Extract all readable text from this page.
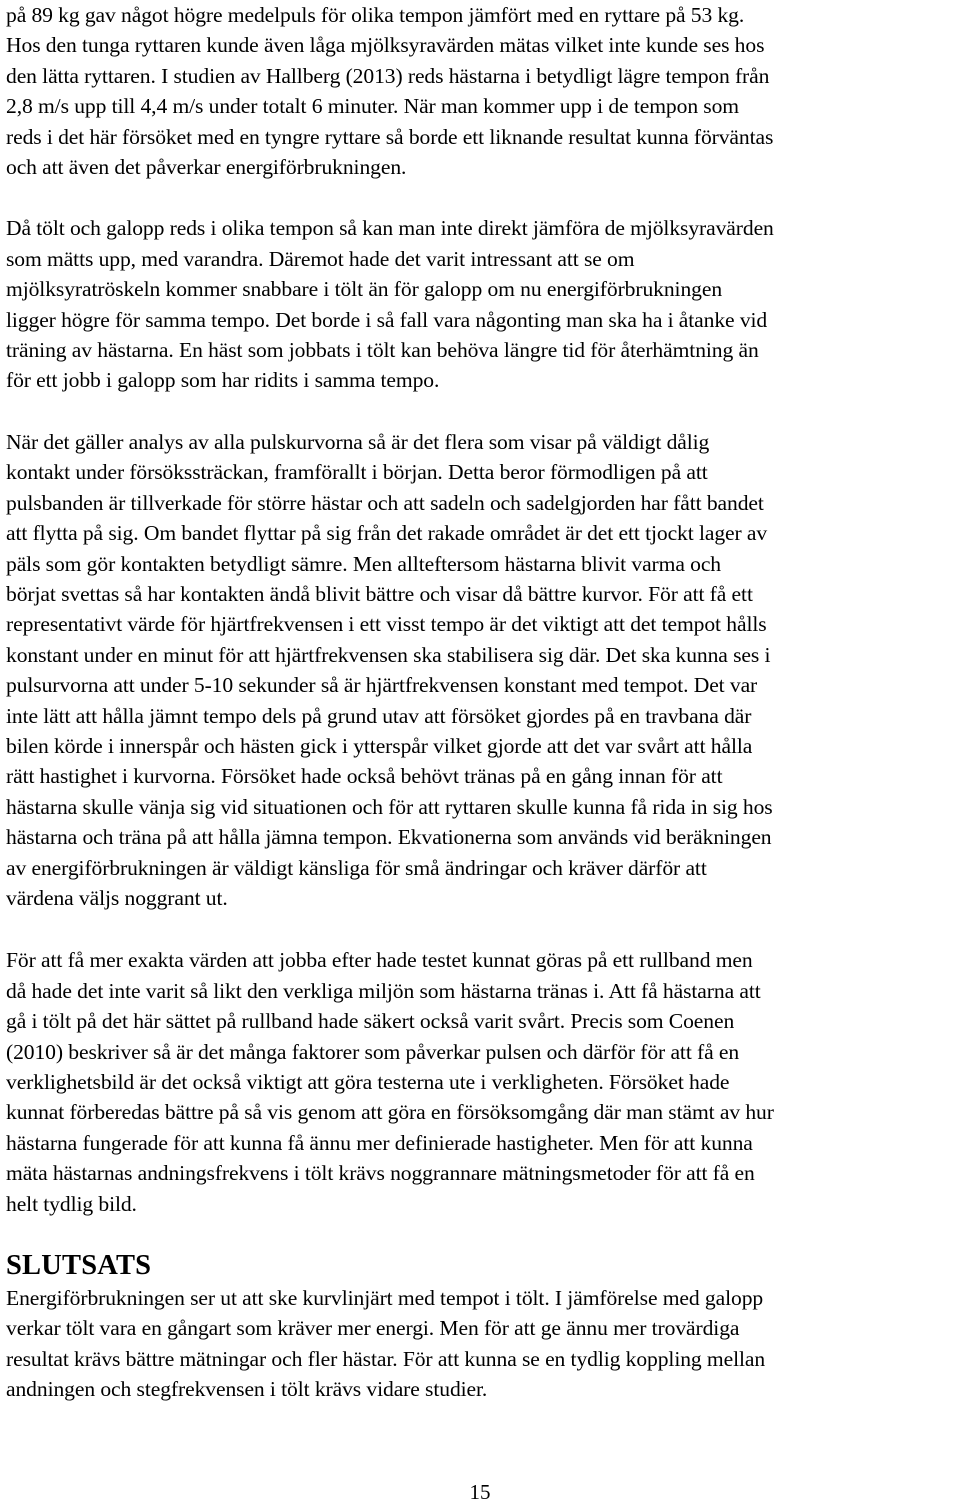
på 89 kg gav något högre medelpuls för olika tempon jämfört med en ryttare på 53 kg.
Hos den tunga ryttaren kunde även låga mjölksyravärden mätas vilket inte kunde ses hos
den lätta ryttaren. I studien av Hallberg (2013) reds hästarna i betydligt lägre tempon från
2,8 m/s upp till 4,4 m/s under totalt 6 minuter. När man kommer upp i de tempon som
reds i det här försöket med en tyngre ryttare så borde ett liknande resultat kunna förväntas
och att även det påverkar energiförbrukningen.

Då tölt och galopp reds i olika tempon så kan man inte direkt jämföra de mjölksyravärden
som mätts upp, med varandra. Däremot hade det varit intressant att se om
mjölksyratröskeln kommer snabbare i tölt än för galopp om nu energiförbrukningen
ligger högre för samma tempo. Det borde i så fall vara någonting man ska ha i åtanke vid
träning av hästarna. En häst som jobbats i tölt kan behöva längre tid för återhämtning än
för ett jobb i galopp som har ridits i samma tempo.

När det gäller analys av alla pulskurvorna så är det flera som visar på väldigt dålig
kontakt under försökssträckan, framförallt i början. Detta beror förmodligen på att
pulsbanden är tillverkade för större hästar och att sadeln och sadelgjorden har fått bandet
att flytta på sig. Om bandet flyttar på sig från det rakade området är det ett tjockt lager av
päls som gör kontakten betydligt sämre. Men allteftersom hästarna blivit varma och
börjat svettas så har kontakten ändå blivit bättre och visar då bättre kurvor. För att få ett
representativt värde för hjärtfrekvensen i ett visst tempo är det viktigt att det tempot hålls
konstant under en minut för att hjärtfrekvensen ska stabilisera sig där. Det ska kunna ses i
pulsurvorna att under 5-10 sekunder så är hjärtfrekvensen konstant med tempot. Det var
inte lätt att hålla jämnt tempo dels på grund utav att försöket gjordes på en travbana där
bilen körde i innerspår och hästen gick i ytterspår vilket gjorde att det var svårt att hålla
rätt hastighet i kurvorna. Försöket hade också behövt tränas på en gång innan för att
hästarna skulle vänja sig vid situationen och för att ryttaren skulle kunna få rida in sig hos
hästarna och träna på att hålla jämna tempon. Ekvationerna som används vid beräkningen
av energiförbrukningen är väldigt känsliga för små ändringar och kräver därför att
värdena väljs noggrant ut.

För att få mer exakta värden att jobba efter hade testet kunnat göras på ett rullband men
då hade det inte varit så likt den verkliga miljön som hästarna tränas i. Att få hästarna att
gå i tölt på det här sättet på rullband hade säkert också varit svårt. Precis som Coenen
(2010) beskriver så är det många faktorer som påverkar pulsen och därför för att få en
verklighetsbild är det också viktigt att göra testerna ute i verkligheten. Försöket hade
kunnat förberedas bättre på så vis genom att göra en försöksomgång där man stämt av hur
hästarna fungerade för att kunna få ännu mer definierade hastigheter. Men för att kunna
mäta hästarnas andningsfrekvens i tölt krävs noggrannare mätningsmetoder för att få en
helt tydlig bild.

SLUTSATS

Energiförbrukningen ser ut att ske kurvlinjärt med tempot i tölt. I jämförelse med galopp
verkar tölt vara en gångart som kräver mer energi. Men för att ge ännu mer trovärdiga
resultat krävs bättre mätningar och fler hästar. För att kunna se en tydlig koppling mellan
andningen och stegfrekvensen i tölt krävs vidare studier.

15
